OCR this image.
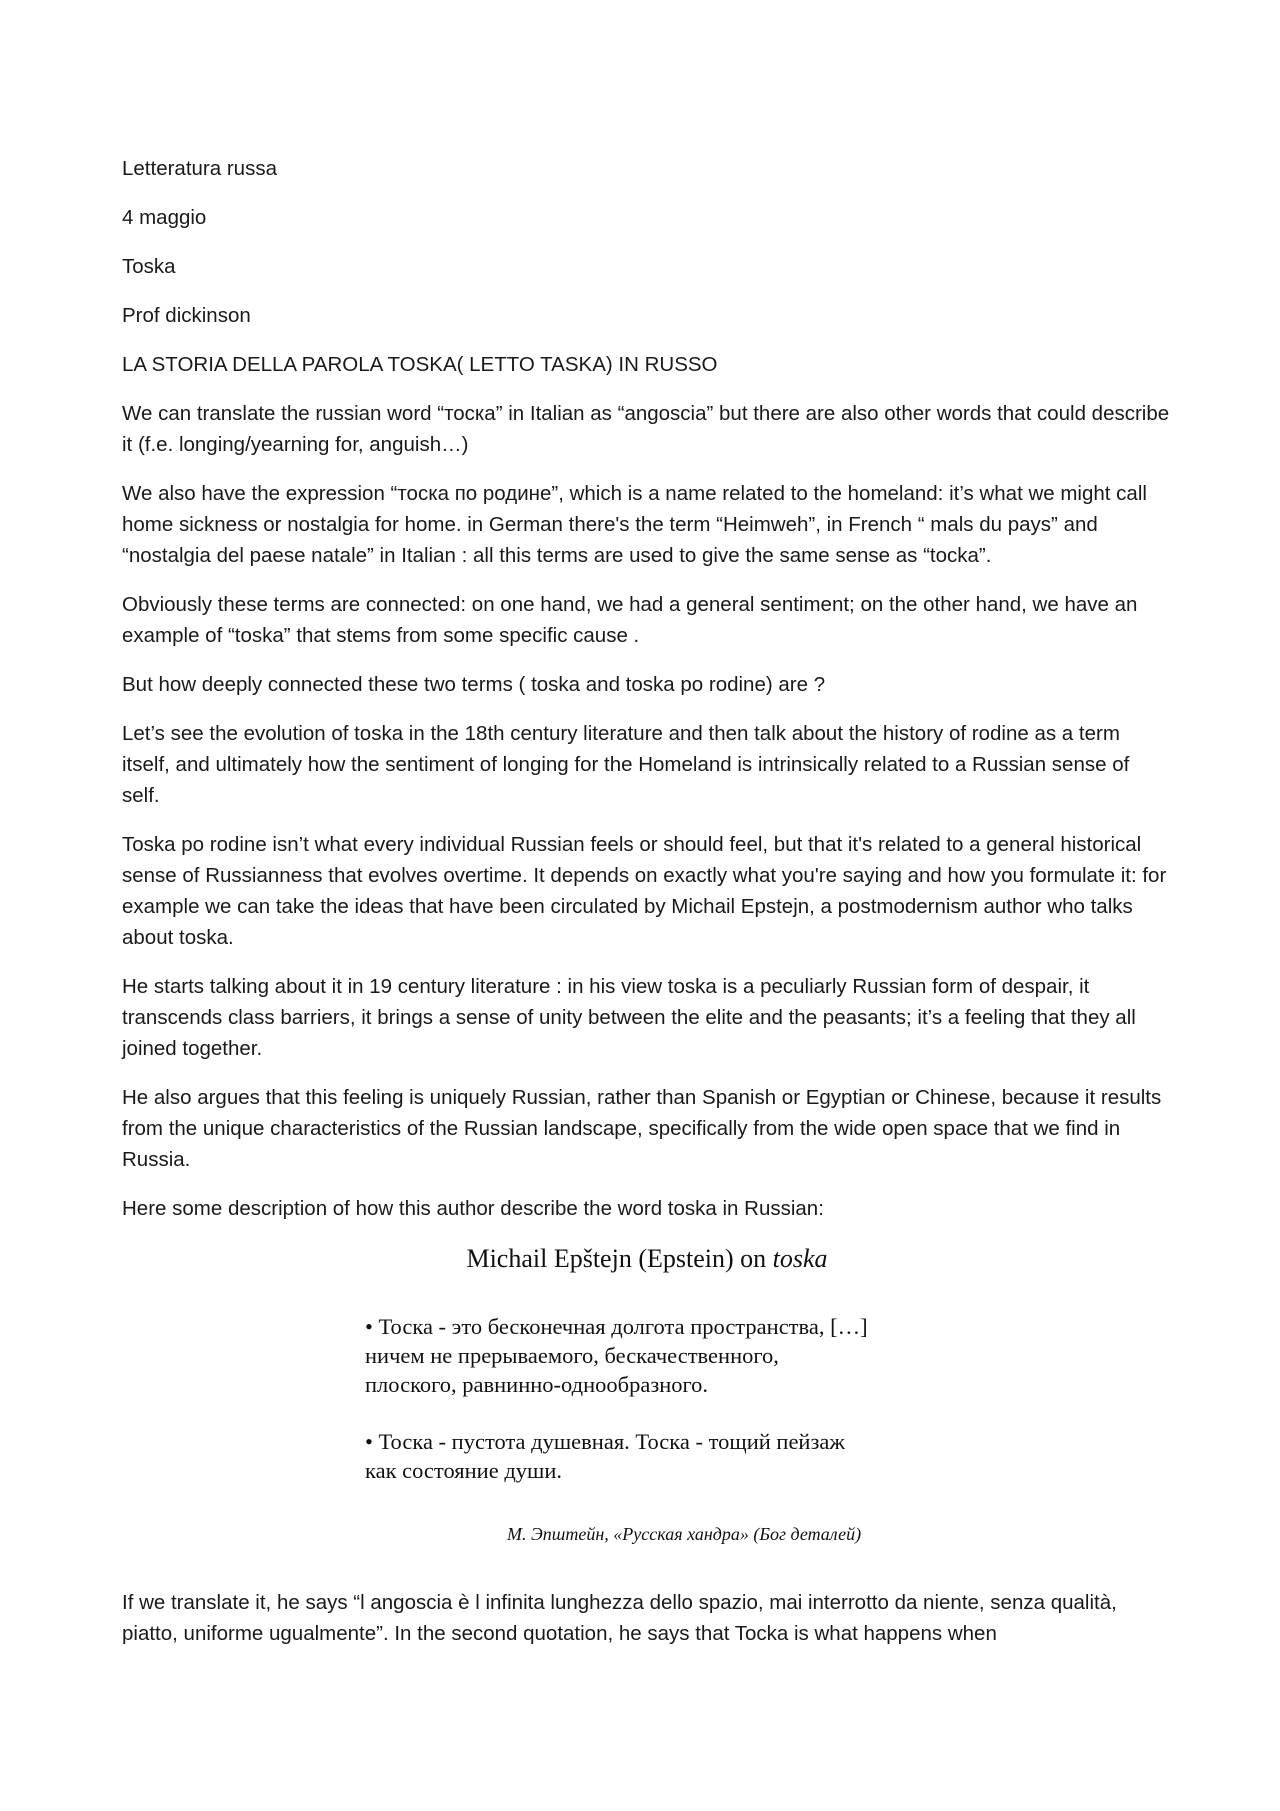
Letteratura russa

4 maggio

Toska

Prof dickinson

LA STORIA DELLA PAROLA TOSKA( LETTO TASKA) IN RUSSO

We can translate the russian word “тоска” in Italian as “angoscia” but there are also other words that could describe it (f.e. longing/yearning for, anguish…)

We also have the expression “тоска по родине”, which is a name related to the homeland: it’s what we might call home sickness or nostalgia for home. in German there's the term “Heimweh”, in French “ mals du pays” and “nostalgia del paese natale” in Italian : all this terms are used to give the same sense as “tocka”.

Obviously these terms are connected: on one hand, we had a general sentiment; on the other hand, we have an example of “toska” that stems from some specific cause .

But how deeply connected these two terms ( toska and toska po rodine) are ?

Let’s see the evolution of toska in the 18th century literature and then talk about the history of rodine as a term itself, and ultimately how the sentiment of longing for the Homeland is intrinsically related to a Russian sense of self.

Toska po rodine isn’t what every individual Russian feels or should feel, but that it's related to a general historical sense of Russianness that evolves overtime. It depends on exactly what you're saying and how you formulate it: for example we can take the ideas that have been circulated by Michail Epstejn, a postmodernism author who talks about toska.

He starts talking about it in 19 century literature : in his view toska is a peculiarly Russian form of despair, it transcends class barriers, it brings a sense of unity between the elite and the peasants; it’s a feeling that they all joined together.

He also argues that this feeling is uniquely Russian, rather than Spanish or Egyptian or Chinese, because it results from the unique characteristics of the Russian landscape, specifically from the wide open space that we find in Russia.

Here some description of how this author describe the word toska in Russian:

Michail Epštejn (Epstein) on toska
• Тоска - это бесконечная долгота пространства, […]
ничем не прерываемого, бескачественного,
плоского, равнинно-однообразного.
• Тоска - пустота душевная. Тоска - тощий пейзаж
как состояние души.
М. Эпштейн, «Русская хандра» (Бог деталей)

If we translate it, he says “l angoscia è l infinita lunghezza dello spazio, mai interrotto da niente, senza qualità, piatto, uniforme ugualmente”. In the second quotation, he says that Tocka is what happens when
